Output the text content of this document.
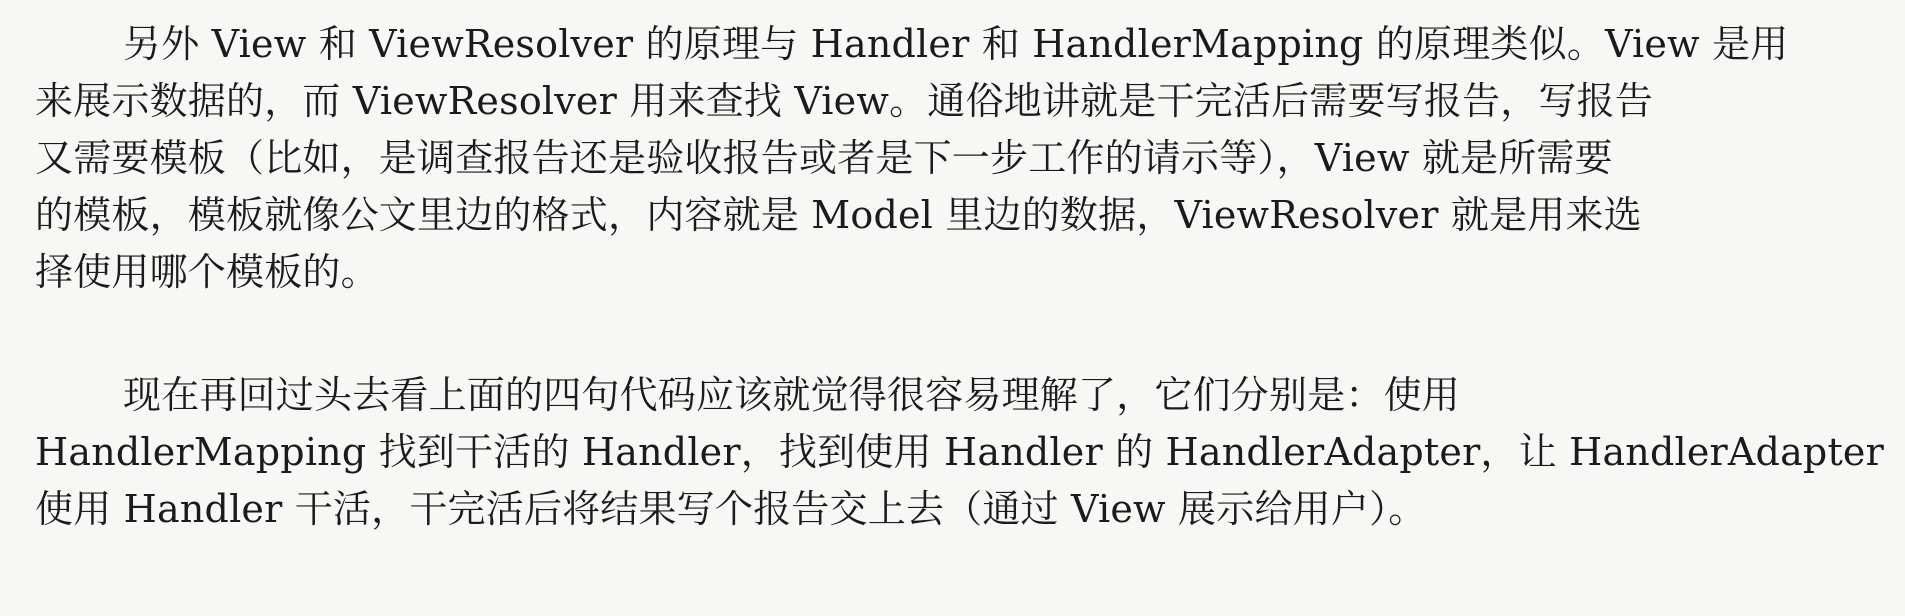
另外 View 和 ViewResolver 的原理与 Handler 和 HandlerMapping 的原理类似。View 是用
来展示数据的，而 ViewResolver 用来查找 View。通俗地讲就是干完活后需要写报告，写报告
又需要模板（比如，是调查报告还是验收报告或者是下一步工作的请示等），View 就是所需要
的模板，模板就像公文里边的格式，内容就是 Model 里边的数据，ViewResolver 就是用来选
择使用哪个模板的。
现在再回过头去看上面的四句代码应该就觉得很容易理解了，它们分别是：使用
HandlerMapping 找到干活的 Handler，找到使用 Handler 的 HandlerAdapter，让 HandlerAdapter
使用 Handler 干活，干完活后将结果写个报告交上去（通过 View 展示给用户）。
